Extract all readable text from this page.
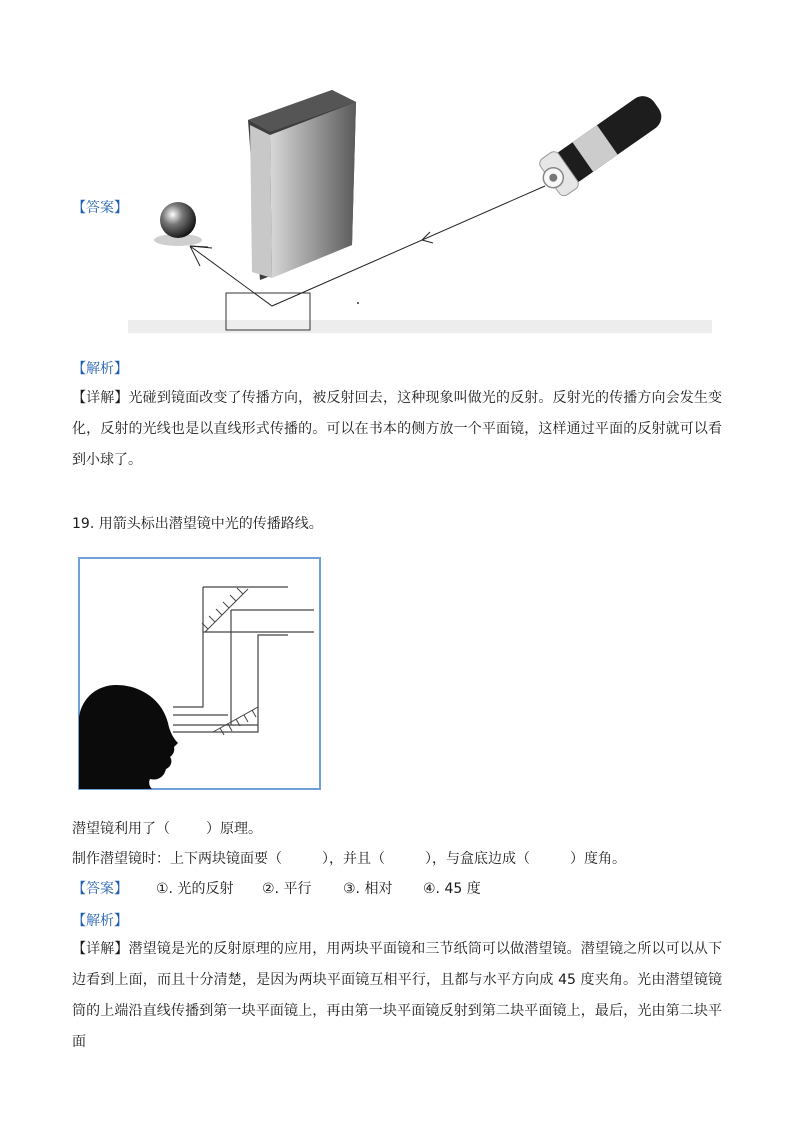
【答案】
【解析】
【详解】光碰到镜面改变了传播方向，被反射回去，这种现象叫做光的反射。反射光的传播方向会发生变化，反射的光线也是以直线形式传播的。可以在书本的侧方放一个平面镜，这样通过平面的反射就可以看到小球了。
19. 用箭头标出潜望镜中光的传播路线。
潜望镜利用了（	）原理。
制作潜望镜时：上下两块镜面要（	），并且（	），与盒底边成（	）度角。
【答案】 ①. 光的反射 ②. 平行 ③. 相对 ④. 45 度
【解析】
【详解】潜望镜是光的反射原理的应用，用两块平面镜和三节纸筒可以做潜望镜。潜望镜之所以可以从下边看到上面，而且十分清楚，是因为两块平面镜互相平行，且都与水平方向成 45 度夹角。光由潜望镜镜筒的上端沿直线传播到第一块平面镜上，再由第一块平面镜反射到第二块平面镜上，最后，光由第二块平面
